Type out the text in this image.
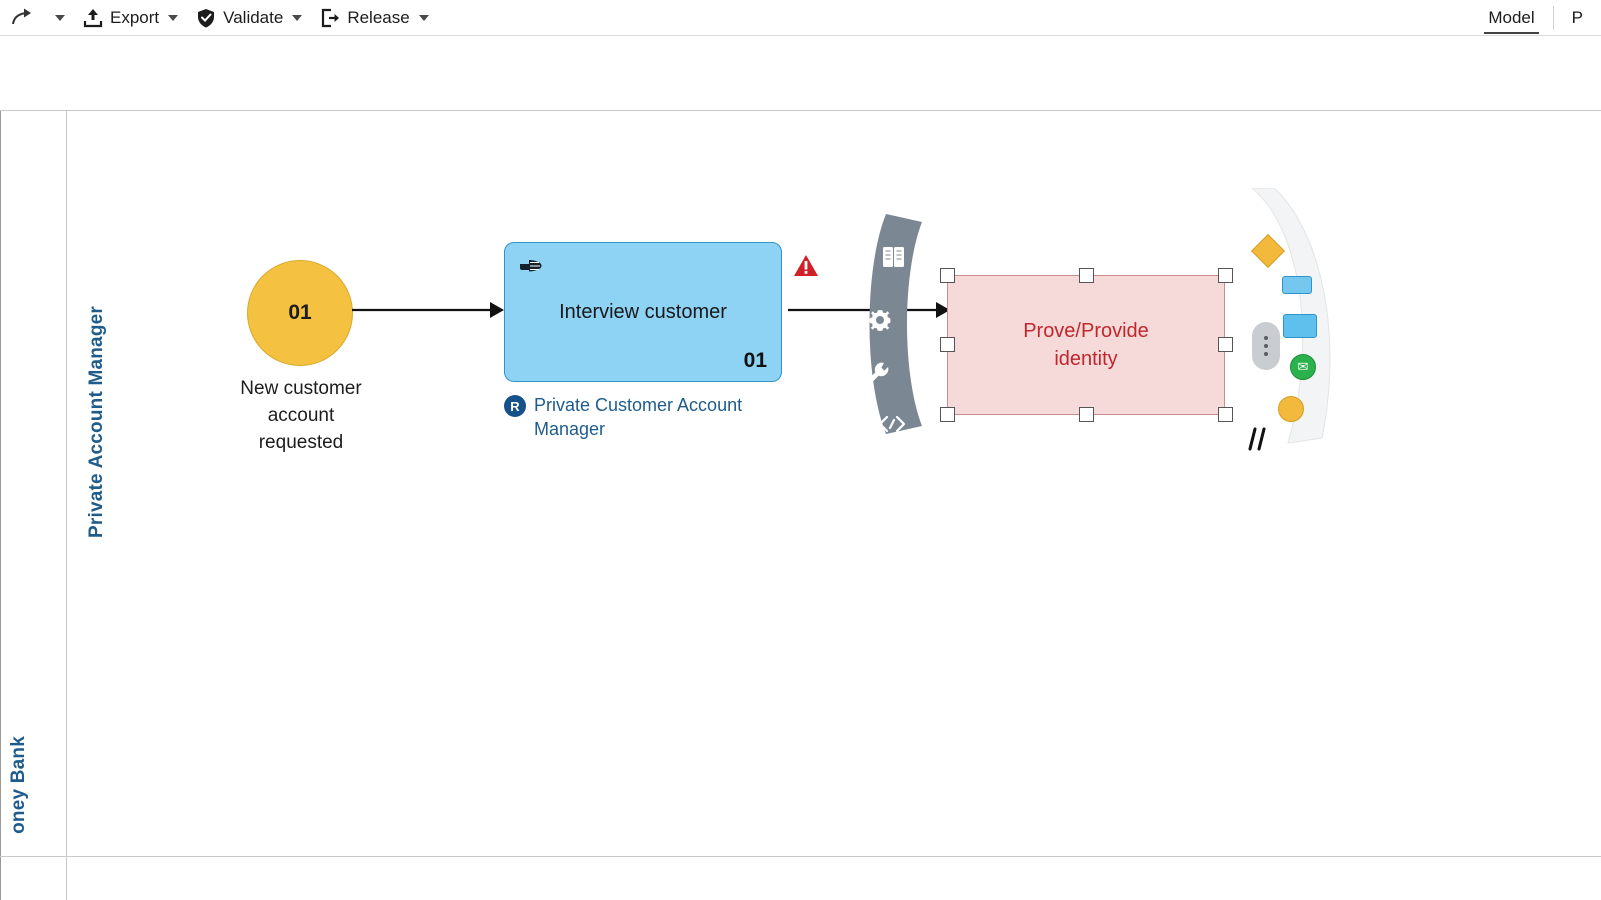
Export	Validate	Release	Model P
oney Bank
Private Account Manager	01
New customer
account
requested
Interview customer
01
R Private Customer Account Manager
Prove/Provide
identity	✉
